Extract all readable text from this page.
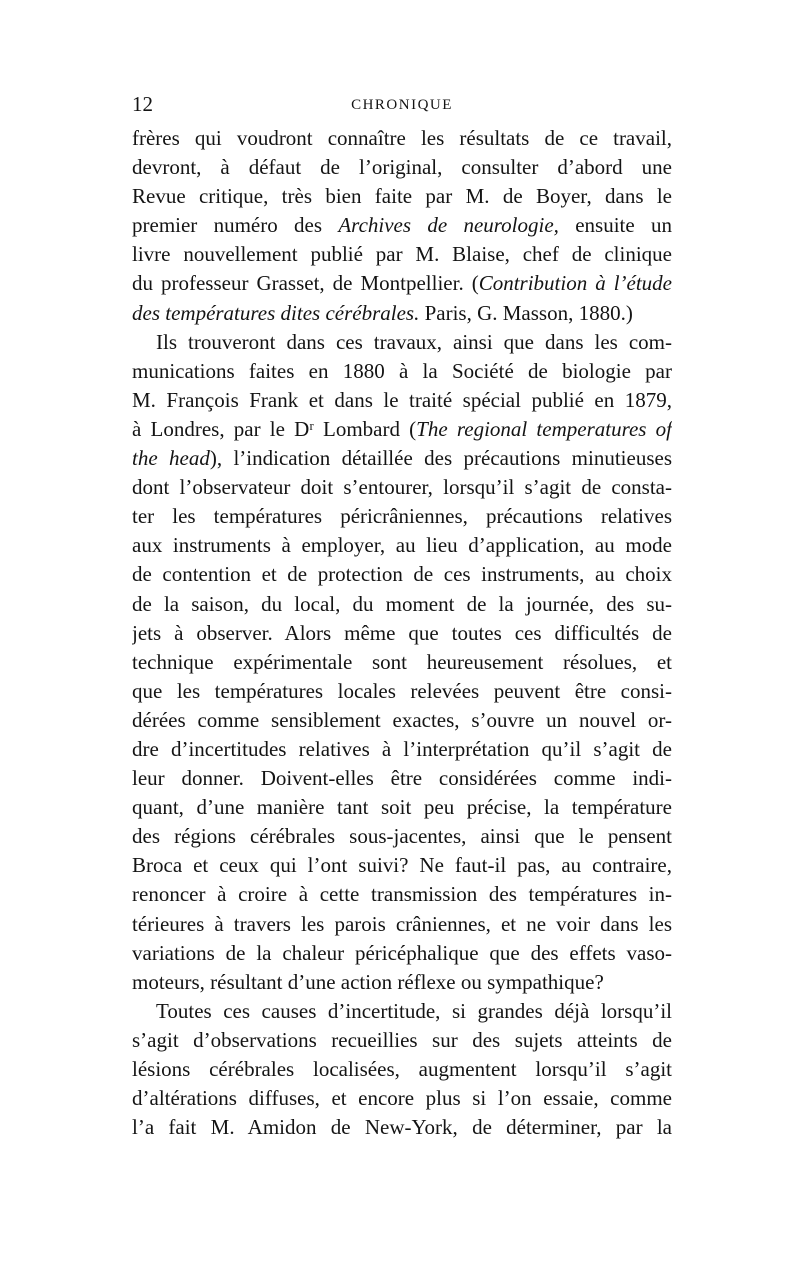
12	CHRONIQUE
frères qui voudront connaître les résultats de ce travail,
devront, à défaut de l’original, consulter d’abord une
Revue critique, très bien faite par M. de Boyer, dans le
premier numéro des Archives de neurologie, ensuite un
livre nouvellement publié par M. Blaise, chef de clinique
du professeur Grasset, de Montpellier. (Contribution à l’étude
des températures dites cérébrales. Paris, G. Masson, 1880.)
Ils trouveront dans ces travaux, ainsi que dans les com-
munications faites en 1880 à la Société de biologie par
M. François Frank et dans le traité spécial publié en 1879,
à Londres, par le Dʳ Lombard (The regional temperatures of
the head), l’indication détaillée des précautions minutieuses
dont l’observateur doit s’entourer, lorsqu’il s’agit de consta-
ter les températures péricrâniennes, précautions relatives
aux instruments à employer, au lieu d’application, au mode
de contention et de protection de ces instruments, au choix
de la saison, du local, du moment de la journée, des su-
jets à observer. Alors même que toutes ces difficultés de
technique expérimentale sont heureusement résolues, et
que les températures locales relevées peuvent être consi-
dérées comme sensiblement exactes, s’ouvre un nouvel or-
dre d’incertitudes relatives à l’interprétation qu’il s’agit de
leur donner. Doivent-elles être considérées comme indi-
quant, d’une manière tant soit peu précise, la température
des régions cérébrales sous-jacentes, ainsi que le pensent
Broca et ceux qui l’ont suivi? Ne faut-il pas, au contraire,
renoncer à croire à cette transmission des températures in-
térieures à travers les parois crâniennes, et ne voir dans les
variations de la chaleur péricéphalique que des effets vaso-
moteurs, résultant d’une action réflexe ou sympathique?
Toutes ces causes d’incertitude, si grandes déjà lorsqu’il
s’agit d’observations recueillies sur des sujets atteints de
lésions cérébrales localisées, augmentent lorsqu’il s’agit
d’altérations diffuses, et encore plus si l’on essaie, comme
l’a fait M. Amidon de New-York, de déterminer, par la
